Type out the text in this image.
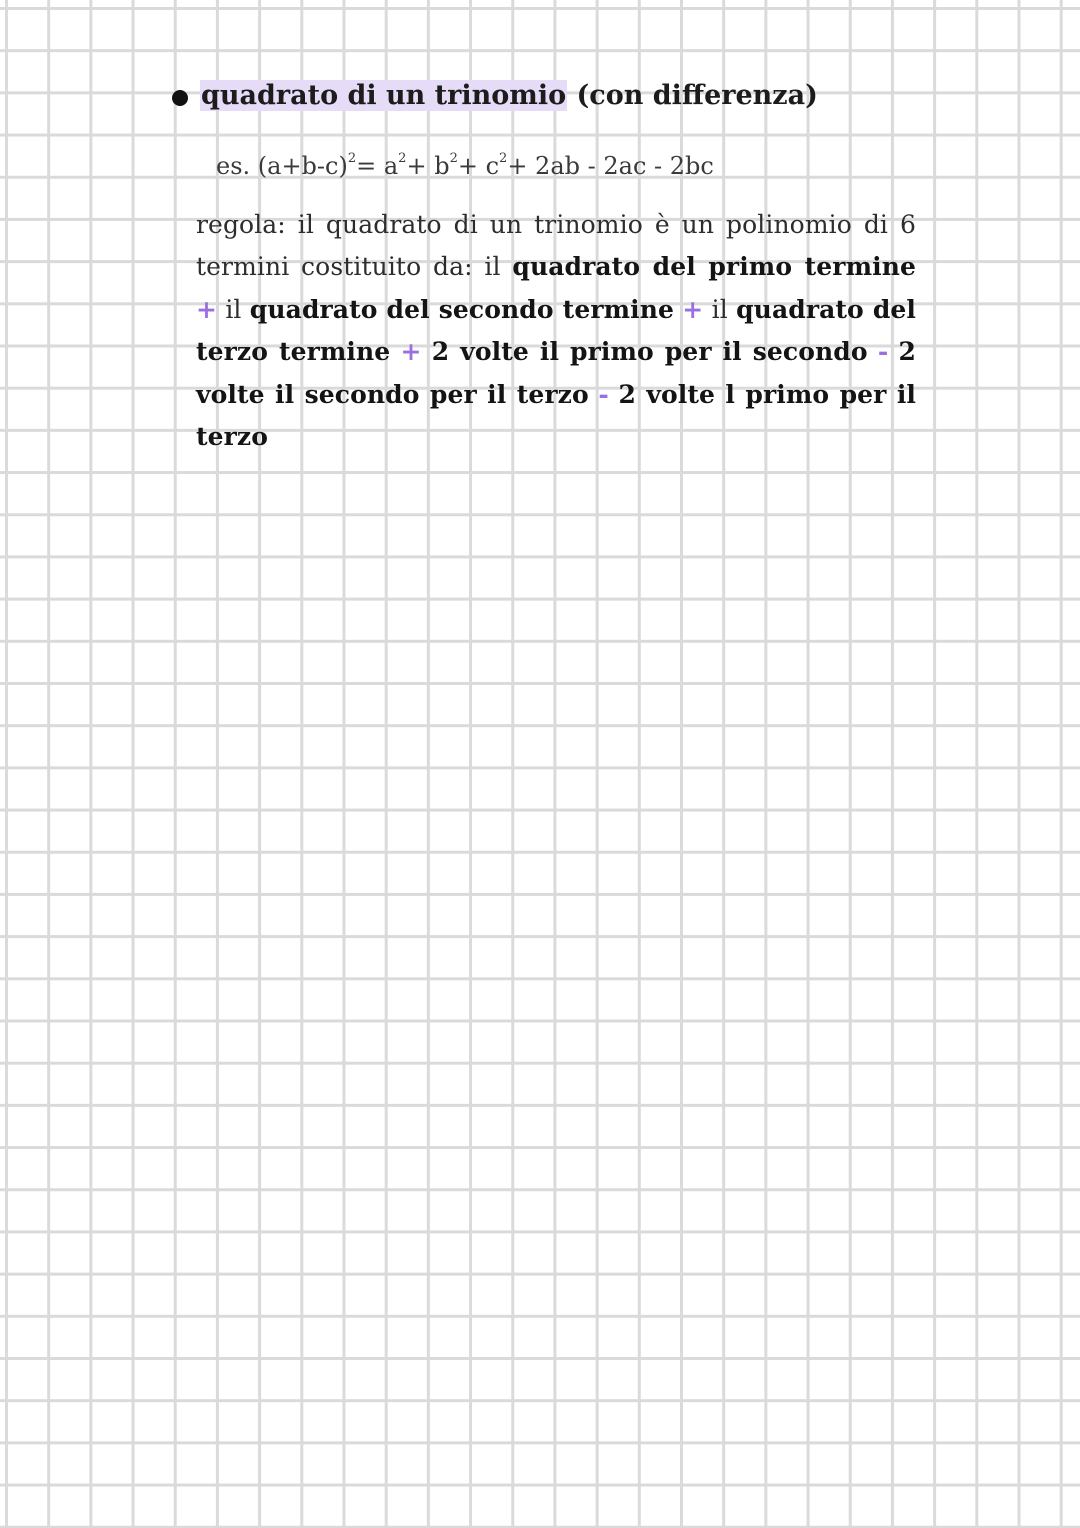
quadrato di un trinomio (con differenza)
es. $(a+b-c)^2= a^2+ b^2+ c^2+ 2ab - 2ac - 2bc$
regola: il quadrato di un trinomio è un polinomio di 6 termini costituito da: il quadrato del primo termine + il quadrato del secondo termine + il quadrato del terzo termine + 2 volte il primo per il secondo - 2 volte il secondo per il terzo - 2 volte l primo per il terzo
